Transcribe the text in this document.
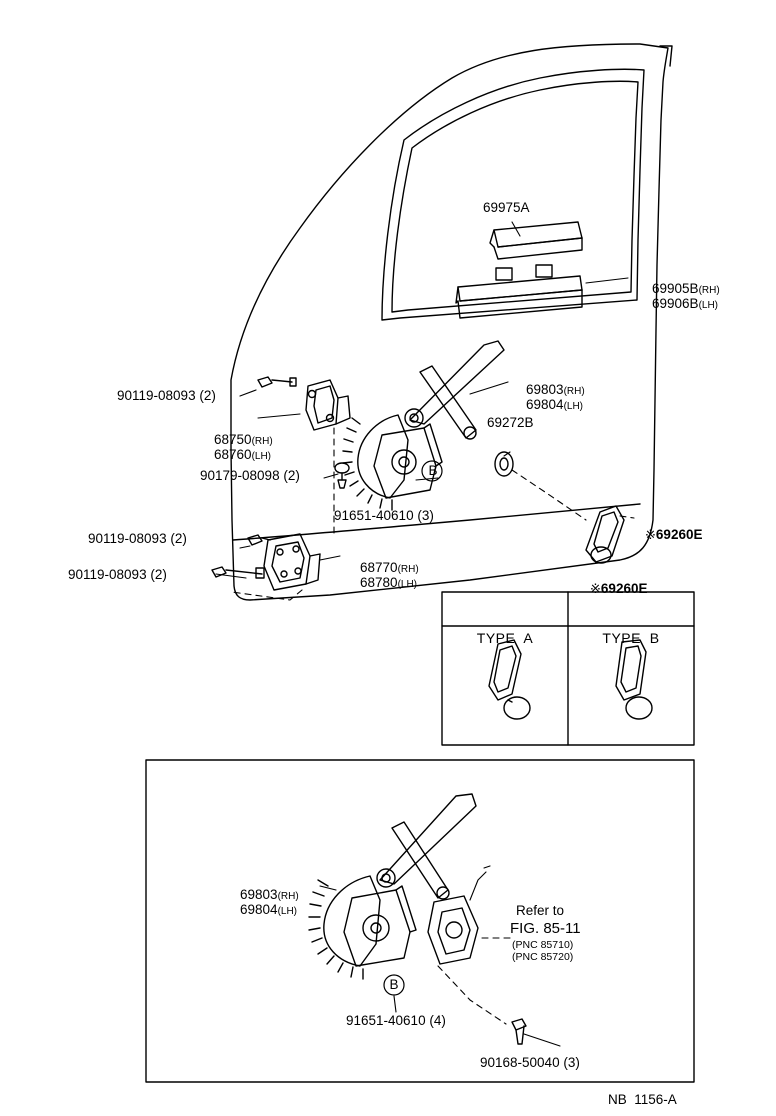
69975A

69905B(RH)

69906B(LH)

69803(RH)

69804(LH)

69272B

※69260E

90119-08093 (2)

68750(RH)

68760(LH)

90179-08098 (2)
91651-40610 (3)
B
90119-08093 (2)

68770(RH)

68780(LH)

90119-08093 (2)

※69260E

TYPE  A

	TYPE  B

69803(RH)

69804(LH)

B
91651-40610 (4)
90168-50040 (3)
Refer to
FIG. 85-11
(PNC 85710)
(PNC 85720)
NB  1156-A
